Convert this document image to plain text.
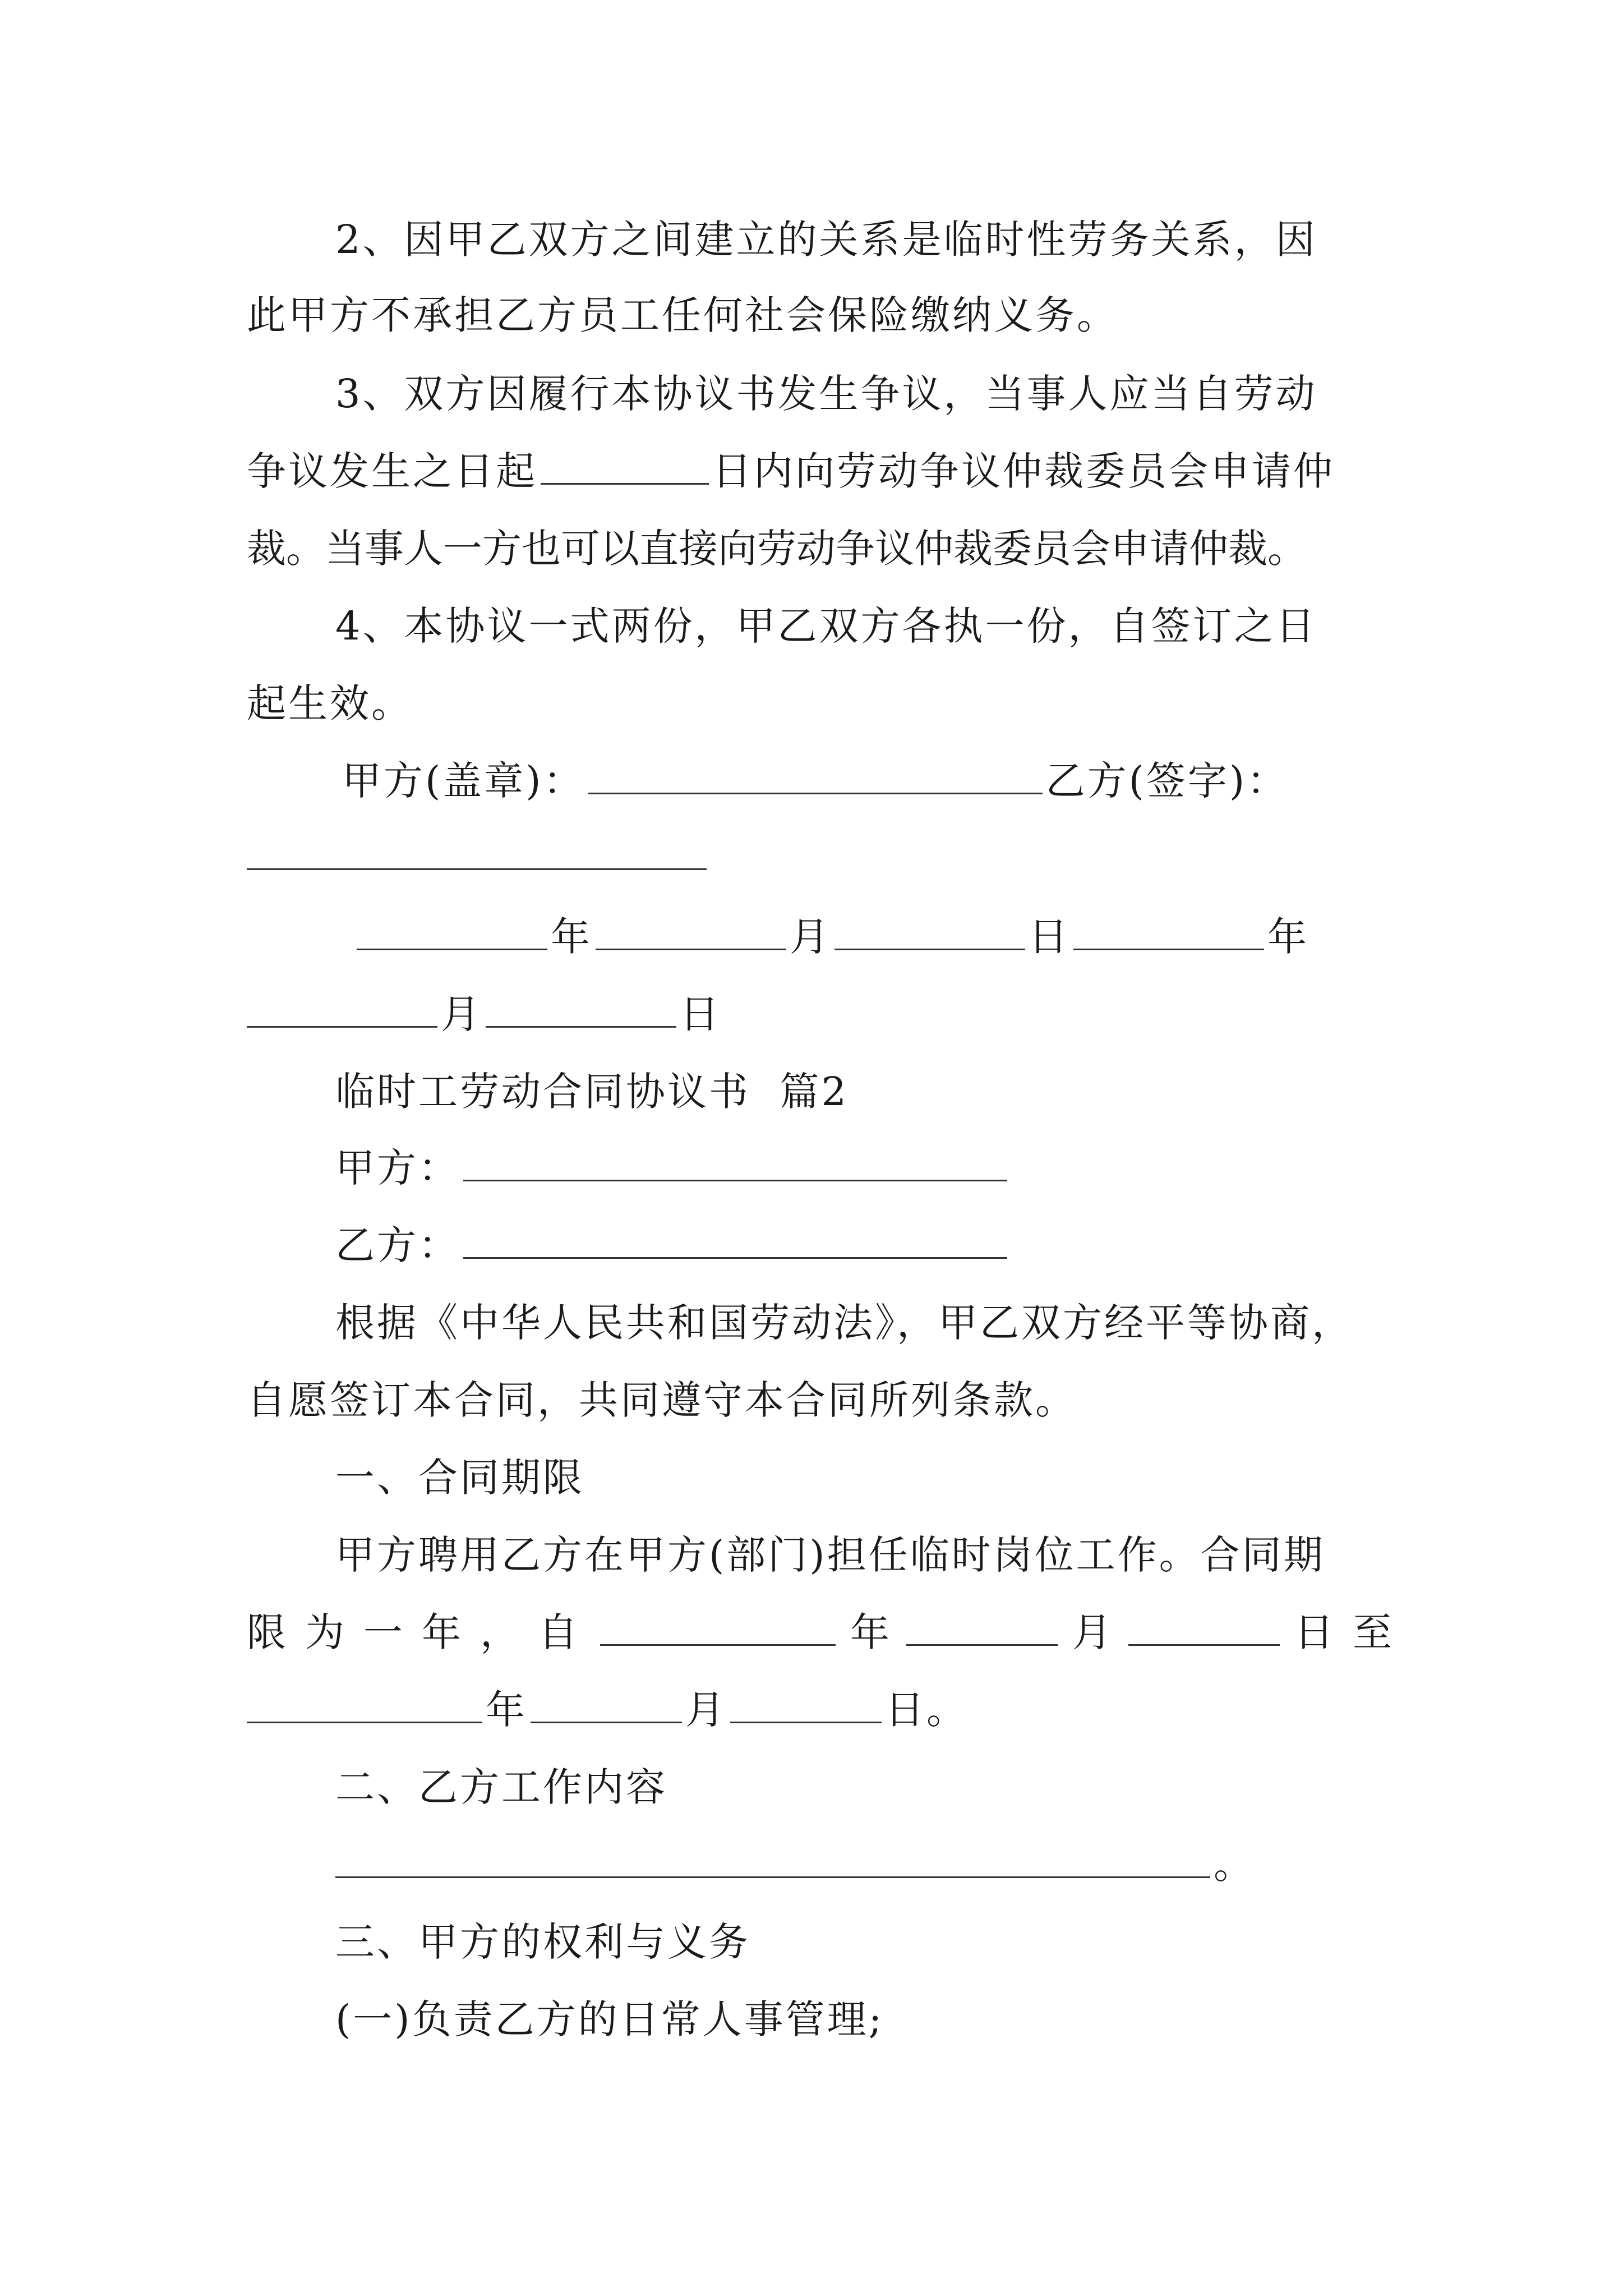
2、因甲乙双方之间建立的关系是临时性劳务关系，因
此甲方不承担乙方员工任何社会保险缴纳义务。
3、双方因履行本协议书发生争议，当事人应当自劳动
争议发生之日起	日内向劳动争议仲裁委员会申请仲
裁。当事人一方也可以直接向劳动争议仲裁委员会申请仲裁。
4、本协议一式两份，甲乙双方各执一份，自签订之日
起生效。
甲方(盖章)：	乙方(签字)：
年	月	日	年
月	日
临时工劳动合同协议书  篇2
甲方：
乙方：
根据《中华人民共和国劳动法》，甲乙双方经平等协商，
自愿签订本合同，共同遵守本合同所列条款。
一、合同期限
甲方聘用乙方在甲方(部门)担任临时岗位工作。合同期
限为一年，自	年	月	日至
年	月	日。
二、乙方工作内容
。
三、甲方的权利与义务
(一)负责乙方的日常人事管理;
